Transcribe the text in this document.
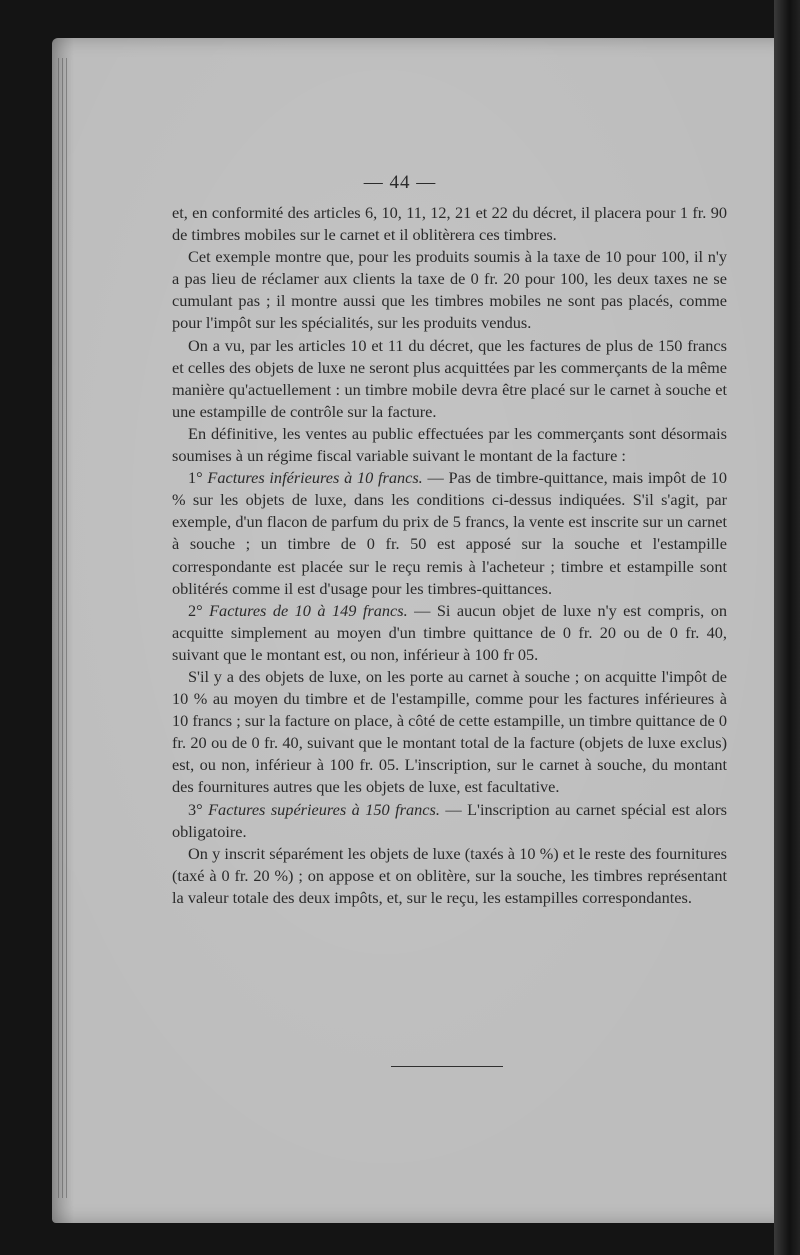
— 44 —

et, en conformité des articles 6, 10, 11, 12, 21 et 22 du décret, il placera pour 1 fr. 90 de timbres mobiles sur le carnet et il oblitèrera ces timbres.

Cet exemple montre que, pour les produits soumis à la taxe de 10 pour 100, il n'y a pas lieu de réclamer aux clients la taxe de 0 fr. 20 pour 100, les deux taxes ne se cumulant pas ; il montre aussi que les timbres mobiles ne sont pas placés, comme pour l'impôt sur les spécialités, sur les produits vendus.

On a vu, par les articles 10 et 11 du décret, que les factures de plus de 150 francs et celles des objets de luxe ne seront plus acquittées par les commerçants de la même manière qu'actuellement : un timbre mobile devra être placé sur le carnet à souche et une estampille de contrôle sur la facture.

En définitive, les ventes au public effectuées par les commerçants sont désormais soumises à un régime fiscal variable suivant le montant de la facture :

1° Factures inférieures à 10 francs. — Pas de timbre-quittance, mais impôt de 10 % sur les objets de luxe, dans les conditions ci-dessus indiquées. S'il s'agit, par exemple, d'un flacon de parfum du prix de 5 francs, la vente est inscrite sur un carnet à souche ; un timbre de 0 fr. 50 est apposé sur la souche et l'estampille correspondante est placée sur le reçu remis à l'acheteur ; timbre et estampille sont oblitérés comme il est d'usage pour les timbres-quittances.

2° Factures de 10 à 149 francs. — Si aucun objet de luxe n'y est compris, on acquitte simplement au moyen d'un timbre quittance de 0 fr. 20 ou de 0 fr. 40, suivant que le montant est, ou non, inférieur à 100 fr 05.

S'il y a des objets de luxe, on les porte au carnet à souche ; on acquitte l'impôt de 10 % au moyen du timbre et de l'estampille, comme pour les factures inférieures à 10 francs ; sur la facture on place, à côté de cette estampille, un timbre quittance de 0 fr. 20 ou de 0 fr. 40, suivant que le montant total de la facture (objets de luxe exclus) est, ou non, inférieur à 100 fr. 05. L'inscription, sur le carnet à souche, du montant des fournitures autres que les objets de luxe, est facultative.

3° Factures supérieures à 150 francs. — L'inscription au carnet spécial est alors obligatoire.

On y inscrit séparément les objets de luxe (taxés à 10 %) et le reste des fournitures (taxé à 0 fr. 20 %) ; on appose et on oblitère, sur la souche, les timbres représentant la valeur totale des deux impôts, et, sur le reçu, les estampilles correspondantes.
